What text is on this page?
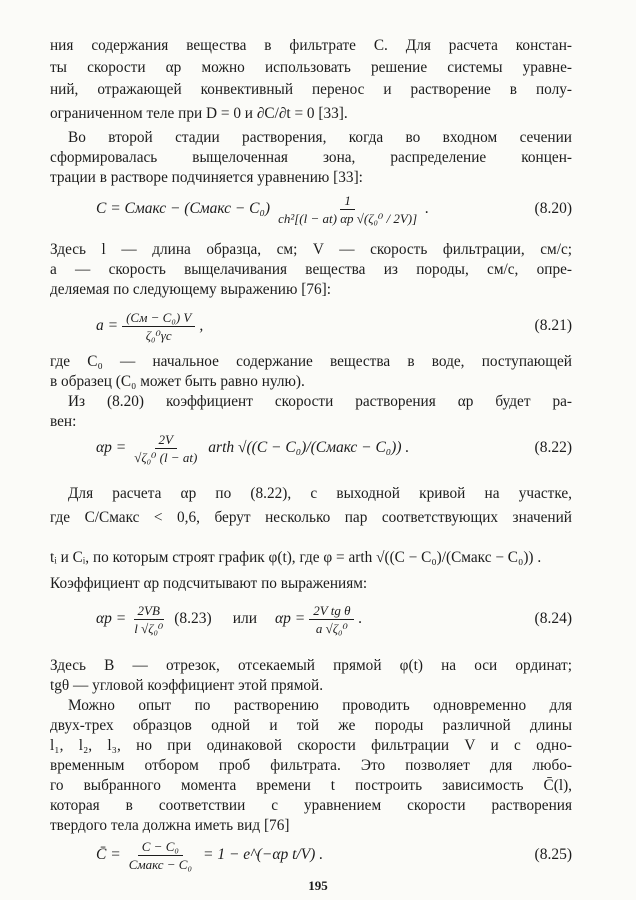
ния содержания вещества в фильтрате C. Для расчета констан-
ты скорости αр можно использовать решение системы уравне-
ний, отражающей конвективный перенос и растворение в полу-
ограниченном теле при D = 0 и ∂C/∂t = 0 [33].
Во второй стадии растворения, когда во входном сечении
сформировалась выщелоченная зона, распределение концен-
трации в растворе подчиняется уравнению [33]:
C = Cмакс − (Cмакс − $C_0) \frac{1}{\text{ch²[(l − at) αр √(ζ₀⁰ / 2V)]}}$ .	(8.20)
Здесь l — длина образца, см; V — скорость фильтрации, см/с;
a — скорость выщелачивания вещества из породы, см/с, опре-
деляемая по следующему выражению [76]:
$a = \frac{\text{(Cм − C₀) V}}{\text{ζ₀⁰γс}}$ ,	(8.21)
где C₀ — начальное содержание вещества в воде, поступающей
в образец (C₀ может быть равно нулю).
Из (8.20) коэффициент скорости растворения αр будет ра-
вен:
$\alpha р = \frac{2V}{\text{√ζ₀⁰ (l − at)}}$ arth √((C − C₀)/(Cмакс − C₀)) .	(8.22)
Для расчета αр по (8.22), с выходной кривой на участке,
где C/Cмакс < 0,6, берут несколько пар соответствующих значений
tᵢ и Cᵢ, по которым строят график φ(t), где φ = arth √((C − C₀)/(Cмакс − C₀)) .
Коэффициент αр подсчитывают по выражениям:
$\alpha р = \frac{2VB}{\text{l √ζ₀⁰}} (8.23)$ или $\alpha р = \frac{\text{2V tg θ}}{\text{a √ζ₀⁰}}$ .	(8.24)
Здесь B — отрезок, отсекаемый прямой φ(t) на оси ординат;
tgθ — угловой коэффициент этой прямой.
Можно опыт по растворению проводить одновременно для
двух-трех образцов одной и той же породы различной длины
l₁, l₂, l₃, но при одинаковой скорости фильтрации V и с одно-
временным отбором проб фильтрата. Это позволяет для любо-
го выбранного момента времени t построить зависимость C̄(l),
которая в соответствии с уравнением скорости растворения
твердого тела должна иметь вид [76]
C̄ = $\frac{\text{C − C₀}}{\text{Cмакс − C₀}} = 1$ − e^(−αр t/V) .	(8.25)
195
